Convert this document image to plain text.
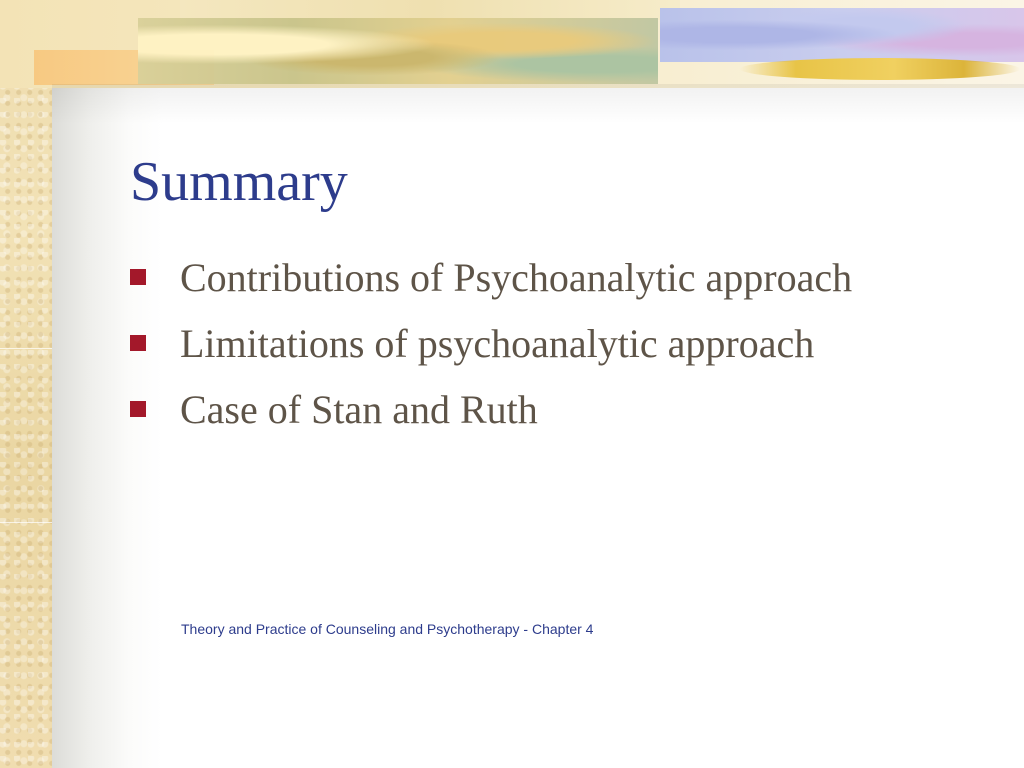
Summary
Contributions of Psychoanalytic approach
Limitations of psychoanalytic approach
Case of Stan and Ruth
Theory and Practice of Counseling and Psychotherapy - Chapter 4
